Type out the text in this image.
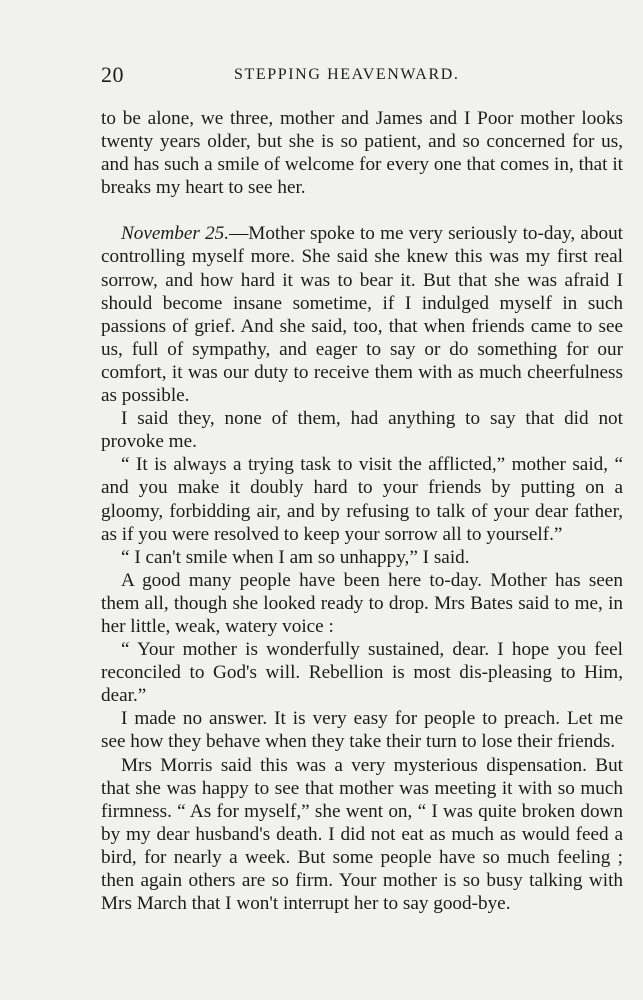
20	STEPPING HEAVENWARD.

to be alone, we three, mother and James and I Poor mother looks twenty years older, but she is so patient, and so concerned for us, and has such a smile of welcome for every one that comes in, that it breaks my heart to see her.

November 25.—Mother spoke to me very seriously to-day, about controlling myself more. She said she knew this was my first real sorrow, and how hard it was to bear it. But that she was afraid I should become insane sometime, if I indulged myself in such passions of grief. And she said, too, that when friends came to see us, full of sympathy, and eager to say or do something for our comfort, it was our duty to receive them with as much cheerfulness as possible.

I said they, none of them, had anything to say that did not provoke me.

“ It is always a trying task to visit the afflicted,” mother said, “ and you make it doubly hard to your friends by putting on a gloomy, forbidding air, and by refusing to talk of your dear father, as if you were resolved to keep your sorrow all to yourself.”

“ I can't smile when I am so unhappy,” I said.

A good many people have been here to-day. Mother has seen them all, though she looked ready to drop. Mrs Bates said to me, in her little, weak, watery voice :

“ Your mother is wonderfully sustained, dear. I hope you feel reconciled to God's will. Rebellion is most dis-pleasing to Him, dear.”

I made no answer. It is very easy for people to preach. Let me see how they behave when they take their turn to lose their friends.

Mrs Morris said this was a very mysterious dispensation. But that she was happy to see that mother was meeting it with so much firmness. “ As for myself,” she went on, “ I was quite broken down by my dear husband's death. I did not eat as much as would feed a bird, for nearly a week. But some people have so much feeling ; then again others are so firm. Your mother is so busy talking with Mrs March that I won't interrupt her to say good-bye.
